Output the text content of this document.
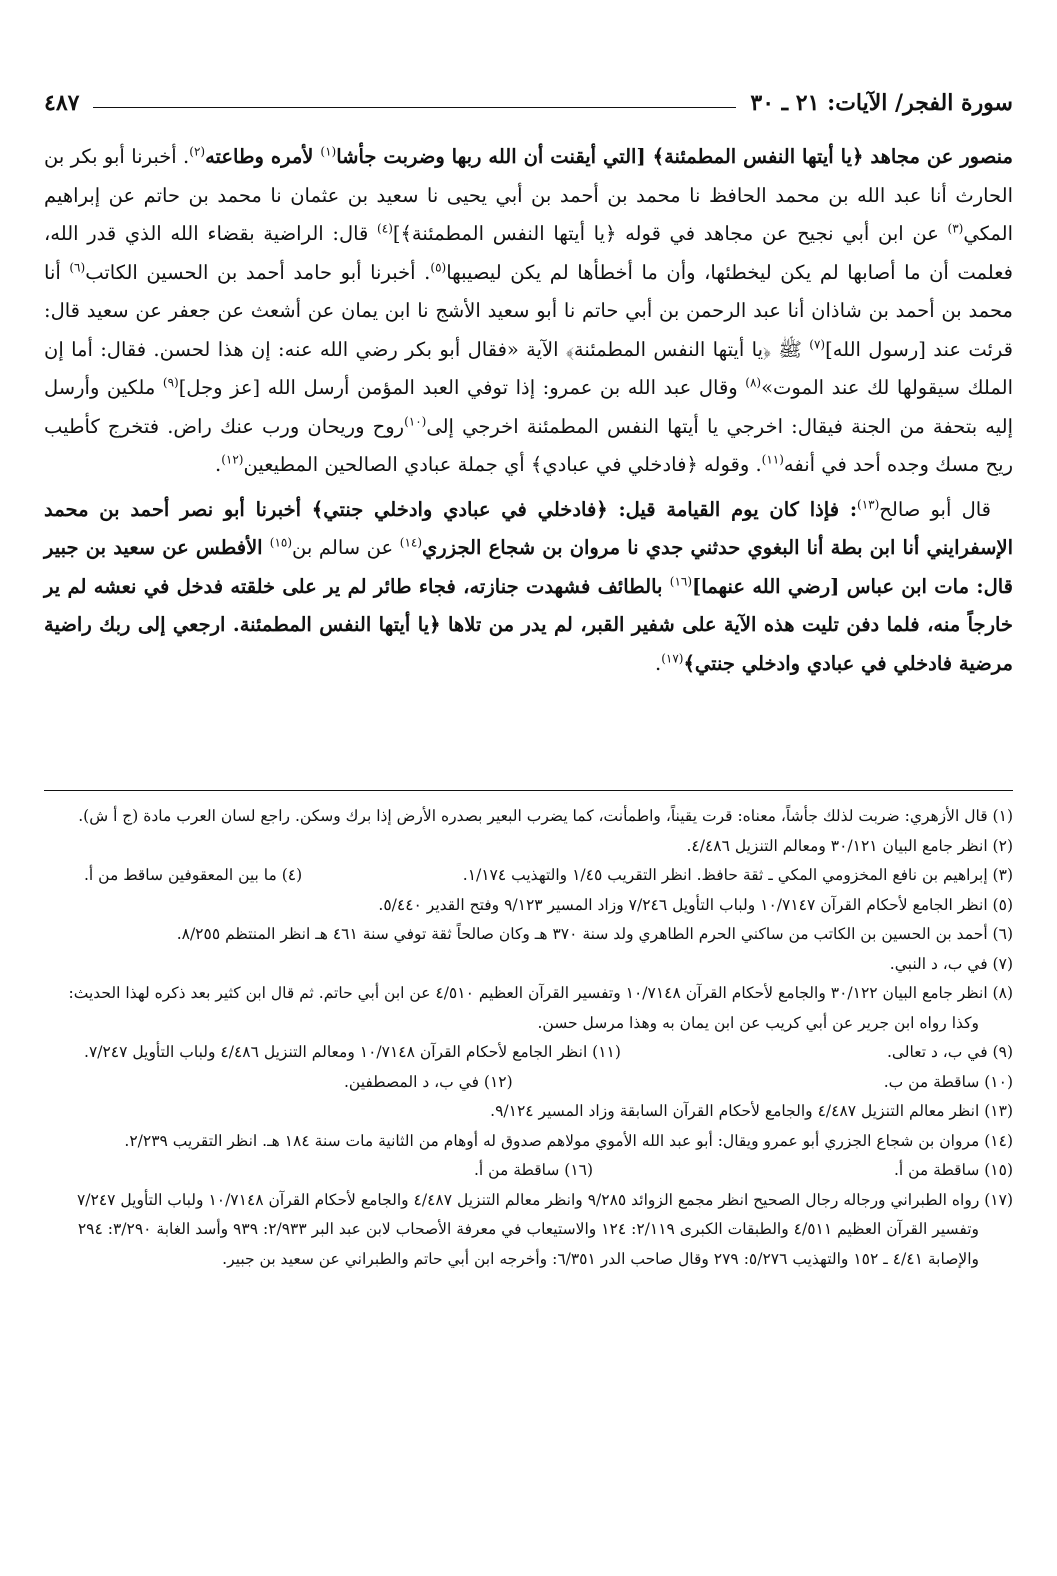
سورة الفجر/ الآيات: ٢١ ـ ٣٠
٤٨٧

منصور عن مجاهد ﴿يا أيتها النفس المطمئنة﴾ [التي أيقنت أن الله ربها وضربت جأشا$^{(١)}$ لأمره وطاعته$^{(٢)}$. أخبرنا أبو بكر بن الحارث أنا عبد الله بن محمد الحافظ نا محمد بن أحمد بن أبي يحيى نا سعيد بن عثمان نا محمد بن حاتم عن إبراهيم المكي$^{(٣)}$ عن ابن أبي نجيح عن مجاهد في قوله ﴿يا أيتها النفس المطمئنة﴾]$^{(٤)}$ قال: الراضية بقضاء الله الذي قدر الله، فعلمت أن ما أصابها لم يكن ليخطئها، وأن ما أخطأها لم يكن ليصيبها$^{(٥)}$. أخبرنا أبو حامد أحمد بن الحسين الكاتب$^{(٦)}$ أنا محمد بن أحمد بن شاذان أنا عبد الرحمن بن أبي حاتم نا أبو سعيد الأشج نا ابن يمان عن أشعث عن جعفر عن سعيد قال: قرئت عند [رسول الله]$^{(٧)}$ ﷺ ﴿يا أيتها النفس المطمئنة﴾ الآية «فقال أبو بكر رضي الله عنه: إن هذا لحسن. فقال: أما إن الملك سيقولها لك عند الموت»$^{(٨)}$ وقال عبد الله بن عمرو: إذا توفي العبد المؤمن أرسل الله [عز وجل]$^{(٩)}$ ملكين وأرسل إليه بتحفة من الجنة فيقال: اخرجي يا أيتها النفس المطمئنة اخرجي إلى$^{(١٠)}$روح وريحان ورب عنك راض. فتخرج كأطيب ريح مسك وجده أحد في أنفه$^{(١١)}$. وقوله ﴿فادخلي في عبادي﴾ أي جملة عبادي الصالحين المطيعين$^{(١٢)}$.

قال أبو صالح$^{(١٣)}$: فإذا كان يوم القيامة قيل: ﴿فادخلي في عبادي وادخلي جنتي﴾ أخبرنا أبو نصر أحمد بن محمد الإسفرايني أنا ابن بطة أنا البغوي حدثني جدي نا مروان بن شجاع الجزري$^{(١٤)}$ عن سالم بن$^{(١٥)}$ الأفطس عن سعيد بن جبير قال: مات ابن عباس [رضي الله عنهما]$^{(١٦)}$ بالطائف فشهدت جنازته، فجاء طائر لم ير على خلقته فدخل في نعشه لم ير خارجاً منه، فلما دفن تليت هذه الآية على شفير القبر، لم يدر من تلاها ﴿يا أيتها النفس المطمئنة. ارجعي إلى ربك راضية مرضية فادخلي في عبادي وادخلي جنتي﴾$^{(١٧)}$.

(١) قال الأزهري: ضربت لذلك جأشاً، معناه: قرت يقيناً، واطمأنت، كما يضرب البعير بصدره الأرض إذا برك وسكن. راجع لسان العرب مادة (ج أ ش).

(٢) انظر جامع البيان ٣٠/١٢١ ومعالم التنزيل ٤/٤٨٦.

(٣) إبراهيم بن نافع المخزومي المكي ـ ثقة حافظ. انظر التقريب ١/٤٥ والتهذيب ١/١٧٤.

(٤) ما بين المعقوفين ساقط من أ.

(٥) انظر الجامع لأحكام القرآن ١٠/٧١٤٧ ولباب التأويل ٧/٢٤٦ وزاد المسير ٩/١٢٣ وفتح القدير ٥/٤٤٠.

(٦) أحمد بن الحسين بن الكاتب من ساكني الحرم الطاهري ولد سنة ٣٧٠ هـ وكان صالحاً ثقة توفي سنة ٤٦١ هـ انظر المنتظم ٨/٢٥٥.

(٧) في ب، د النبي.

(٨) انظر جامع البيان ٣٠/١٢٢ والجامع لأحكام القرآن ١٠/٧١٤٨ وتفسير القرآن العظيم ٤/٥١٠ عن ابن أبي حاتم. ثم قال ابن كثير بعد ذكره لهذا الحديث: وكذا رواه ابن جرير عن أبي كريب عن ابن يمان به وهذا مرسل حسن.

(٩) في ب، د تعالى.

(١١) انظر الجامع لأحكام القرآن ١٠/٧١٤٨ ومعالم التنزيل ٤/٤٨٦ ولباب التأويل ٧/٢٤٧.

(١٠) ساقطة من ب.

(١٢) في ب، د المصطفين.

(١٣) انظر معالم التنزيل ٤/٤٨٧ والجامع لأحكام القرآن السابقة وزاد المسير ٩/١٢٤.

(١٤) مروان بن شجاع الجزري أبو عمرو ويقال: أبو عبد الله الأموي مولاهم صدوق له أوهام من الثانية مات سنة ١٨٤ هـ. انظر التقريب ٢/٢٣٩.

(١٥) ساقطة من أ.

(١٦) ساقطة من أ.

(١٧) رواه الطبراني ورجاله رجال الصحيح انظر مجمع الزوائد ٩/٢٨٥ وانظر معالم التنزيل ٤/٤٨٧ والجامع لأحكام القرآن ١٠/٧١٤٨ ولباب التأويل ٧/٢٤٧ وتفسير القرآن العظيم ٤/٥١١ والطبقات الكبرى ٢/١١٩: ١٢٤ والاستيعاب في معرفة الأصحاب لابن عبد البر ٢/٩٣٣: ٩٣٩ وأسد الغابة ٣/٢٩٠: ٢٩٤ والإصابة ٤/٤١ ـ ١٥٢ والتهذيب ٥/٢٧٦: ٢٧٩ وقال صاحب الدر ٦/٣٥١: وأخرجه ابن أبي حاتم والطبراني عن سعيد بن جبير.
